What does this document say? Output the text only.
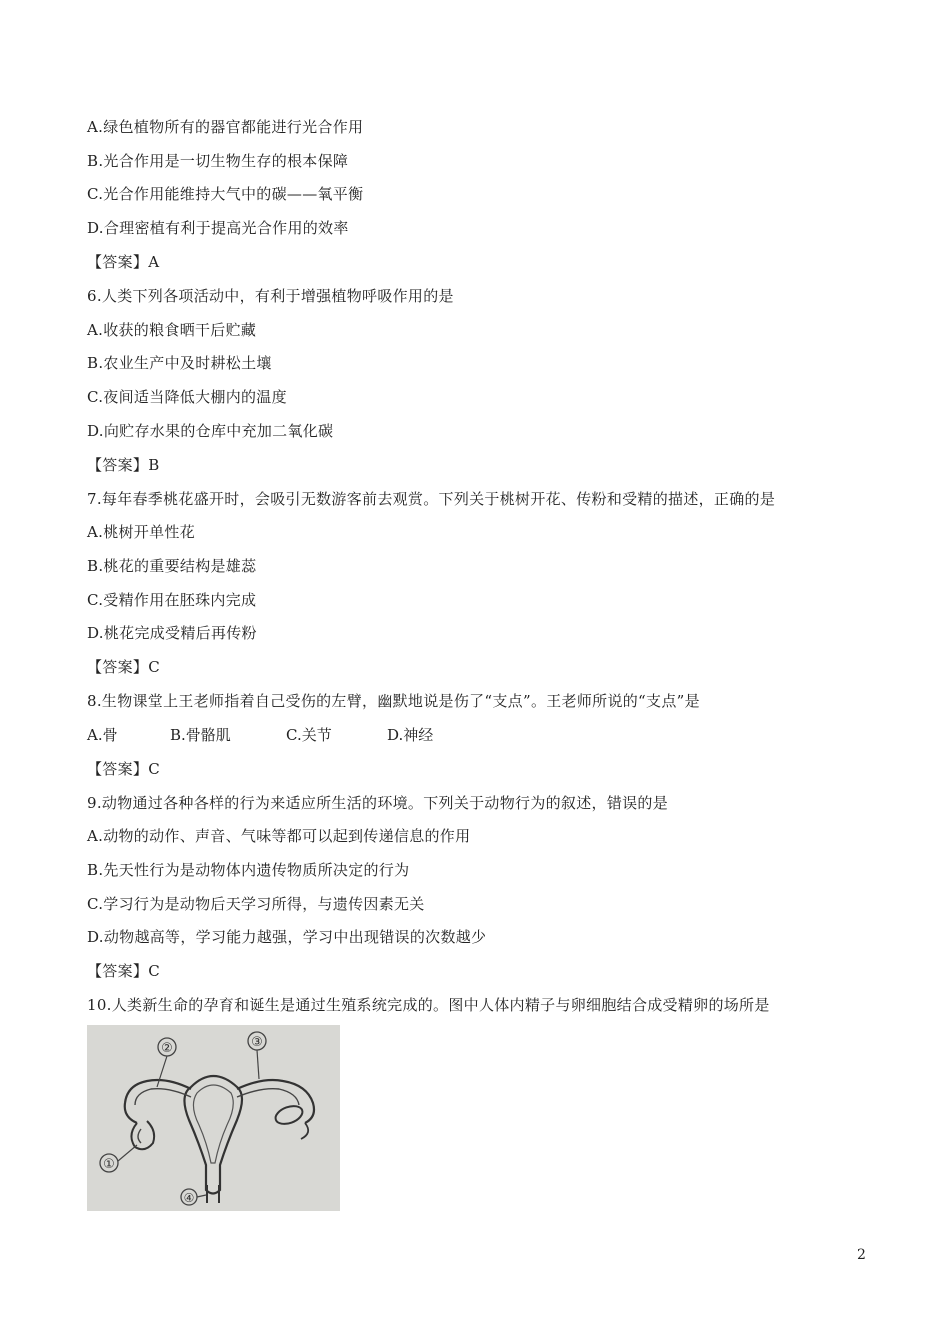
A.绿色植物所有的器官都能进行光合作用
B.光合作用是一切生物生存的根本保障
C.光合作用能维持大气中的碳——氧平衡
D.合理密植有利于提高光合作用的效率
【答案】A
6.人类下列各项活动中，有利于增强植物呼吸作用的是
A.收获的粮食晒干后贮藏
B.农业生产中及时耕松土壤
C.夜间适当降低大棚内的温度
D.向贮存水果的仓库中充加二氧化碳
【答案】B
7.每年春季桃花盛开时，会吸引无数游客前去观赏。下列关于桃树开花、传粉和受精的描述，正确的是
A.桃树开单性花
B.桃花的重要结构是雄蕊
C.受精作用在胚珠内完成
D.桃花完成受精后再传粉
【答案】C
8.生物课堂上王老师指着自己受伤的左臂，幽默地说是伤了“支点”。王老师所说的“支点”是
A.骨	B.骨骼肌	C.关节	D.神经
【答案】C
9.动物通过各种各样的行为来适应所生活的环境。下列关于动物行为的叙述，错误的是
A.动物的动作、声音、气味等都可以起到传递信息的作用
B.先天性行为是动物体内遗传物质所决定的行为
C.学习行为是动物后天学习所得，与遗传因素无关
D.动物越高等，学习能力越强，学习中出现错误的次数越少
【答案】C
10.人类新生命的孕育和诞生是通过生殖系统完成的。图中人体内精子与卵细胞结合成受精卵的场所是
②	③
①
④
2
